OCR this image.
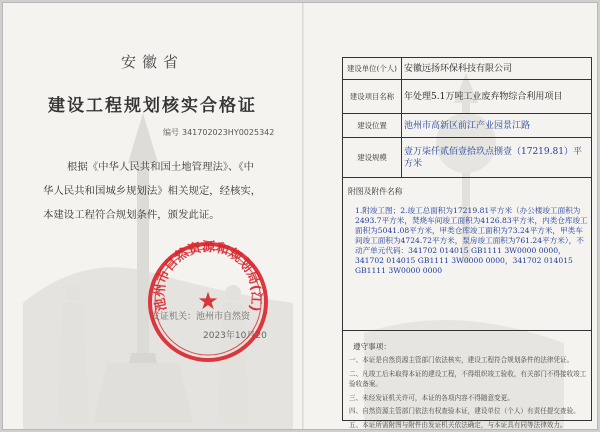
安徽省
建设工程规划核实合格证
编号 341702023HY0025342

根据《中华人民共和国土地管理法》、《中

华人民共和国城乡规划法》相关规定，经核实，

本建设工程符合规划条件，颁发此证。

发证机关：池州市自然资
2023年10月20
池州市自然资源和规划局(江)
★
建设单位(个人) 安徽远扬环保科技有限公司
建设项目名称	年处理5.1万吨工业废弃物综合利用项目
建设位置	池州市高新区前江产业园景江路
建设规模
壹万柒仟贰佰壹拾玖点捌壹（17219.81）平方米
附图及附件名称

1.附竣工图；2.竣工总面积为17219.81平方米（办公楼竣工面积为2493.7平方米，焚烧车间竣工面积为4126.83平方米，内类仓库竣工面积为5041.08平方米，甲类仓库竣工面积为73.24平方米，甲类车间竣工面积为4724.72平方米，泵房竣工面积为761.24平方米），不动产单元代码：341702 014015 GB1111 3W0000 0000，341702 014015 GB1111 3W0000 0000，341702 014015 GB1111 3W0000 0000

遵守事项：

一、本证是自然资源主管部门依法核实，建设工程符合规划条件的法律凭证。

二、凡竣工后未取得本证的建设工程，不得组织竣工验收，有关部门不得接收竣工验收备案。

三、未经发证机关许可，本证的各项内容不得随意变更。

四、自然资源主管部门依法有权查验本证，建设单位（个人）有责任提交查验。

五、本证所需附图与附件由发证机关依法确定，与本证具有同等法律效力。
